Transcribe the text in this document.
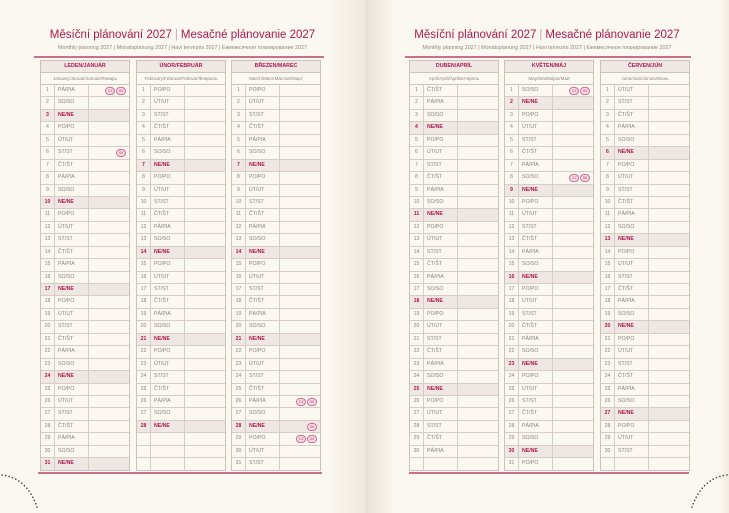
Měsíční plánování 2027 | Mesačné plánovanie 2027
Monthly planning 2027 | Monatsplanung 2027 | Havi tervezés 2027 | Ежемесячное планирование 2027
Měsíční plánování 2027 | Mesačné plánovanie 2027
Monthly planning 2027 | Monatsplanung 2027 | Havi tervezés 2027 | Ежемесячное планирование 2027
LEDEN/JANUÁR
January/Januar/Január/Январь
1	PÁ/PIA	CZ	SK
2	SO/SO
3	NE/NE
4	PO/PO
5	ÚT/UT
6	ST/ST	SK
7	ČT/ŠT
8	PÁ/PIA
9	SO/SO
10	NE/NE
11	PO/PO
12	ÚT/UT
13	ST/ST
14	ČT/ŠT
15	PÁ/PIA
16	SO/SO
17	NE/NE
18	PO/PO
19	ÚT/UT
20	ST/ST
21	ČT/ŠT
22	PÁ/PIA
23	SO/SO
24	NE/NE
25	PO/PO
26	ÚT/UT
27	ST/ST
28	ČT/ŠT
29	PÁ/PIA
30	SO/SO
31	NE/NE
ÚNOR/FEBRUÁR
February/Februar/Február/Февраль
1	PO/PO
2	ÚT/UT
3	ST/ST
4	ČT/ŠT
5	PÁ/PIA
6	SO/SO
7	NE/NE
8	PO/PO
9	ÚT/UT
10	ST/ST
11	ČT/ŠT
12	PÁ/PIA
13	SO/SO
14	NE/NE
15	PO/PO
16	ÚT/UT
17	ST/ST
18	ČT/ŠT
19	PÁ/PIA
20	SO/SO
21	NE/NE
22	PO/PO
23	ÚT/UT
24	ST/ST
25	ČT/ŠT
26	PÁ/PIA
27	SO/SO
28	NE/NE
BŘEZEN/MAREC
March/März/Március/Март
1	PO/PO
2	ÚT/UT
3	ST/ST
4	ČT/ŠT
5	PÁ/PIA
6	SO/SO
7	NE/NE
8	PO/PO
9	ÚT/UT
10	ST/ST
11	ČT/ŠT
12	PÁ/PIA
13	SO/SO
14	NE/NE
15	PO/PO
16	ÚT/UT
17	ST/ST
18	ČT/ŠT
19	PÁ/PIA
20	SO/SO
21	NE/NE
22	PO/PO
23	ÚT/UT
24	ST/ST
25	ČT/ŠT
26	PÁ/PIA	CZ	SK
27	SO/SO
28	NE/NE	SK
29	PO/PO	CZ	SK
30	ÚT/UT
31	ST/ST
DUBEN/APRÍL
April/April/Április/Апрель
1	ČT/ŠT
2	PÁ/PIA
3	SO/SO
4	NE/NE
5	PO/PO
6	ÚT/UT
7	ST/ST
8	ČT/ŠT
9	PÁ/PIA
10	SO/SO
11	NE/NE
12	PO/PO
13	ÚT/UT
14	ST/ST
15	ČT/ŠT
16	PÁ/PIA
17	SO/SO
18	NE/NE
19	PO/PO
20	ÚT/UT
21	ST/ST
22	ČT/ŠT
23	PÁ/PIA
24	SO/SO
25	NE/NE
26	PO/PO
27	ÚT/UT
28	ST/ST
29	ČT/ŠT
30	PÁ/PIA
KVĚTEN/MÁJ
May/Mai/Május/Май
1	SO/SO	CZ	SK
2	NE/NE
3	PO/PO
4	ÚT/UT
5	ST/ST
6	ČT/ŠT
7	PÁ/PIA
8	SO/SO	CZ	SK
9	NE/NE
10	PO/PO
11	ÚT/UT
12	ST/ST
13	ČT/ŠT
14	PÁ/PIA
15	SO/SO
16	NE/NE
17	PO/PO
18	ÚT/UT
19	ST/ST
20	ČT/ŠT
21	PÁ/PIA
22	SO/SO
23	NE/NE
24	PO/PO
25	ÚT/UT
26	ST/ST
27	ČT/ŠT
28	PÁ/PIA
29	SO/SO
30	NE/NE
31	PO/PO
ČERVEN/JÚN
June/Juni/Június/Июнь
1	ÚT/UT
2	ST/ST
3	ČT/ŠT
4	PÁ/PIA
5	SO/SO
6	NE/NE
7	PO/PO
8	ÚT/UT
9	ST/ST
10	ČT/ŠT
11	PÁ/PIA
12	SO/SO
13	NE/NE
14	PO/PO
15	ÚT/UT
16	ST/ST
17	ČT/ŠT
18	PÁ/PIA
19	SO/SO
20	NE/NE
21	PO/PO
22	ÚT/UT
23	ST/ST
24	ČT/ŠT
25	PÁ/PIA
26	SO/SO
27	NE/NE
28	PO/PO
29	ÚT/UT
30	ST/ST
